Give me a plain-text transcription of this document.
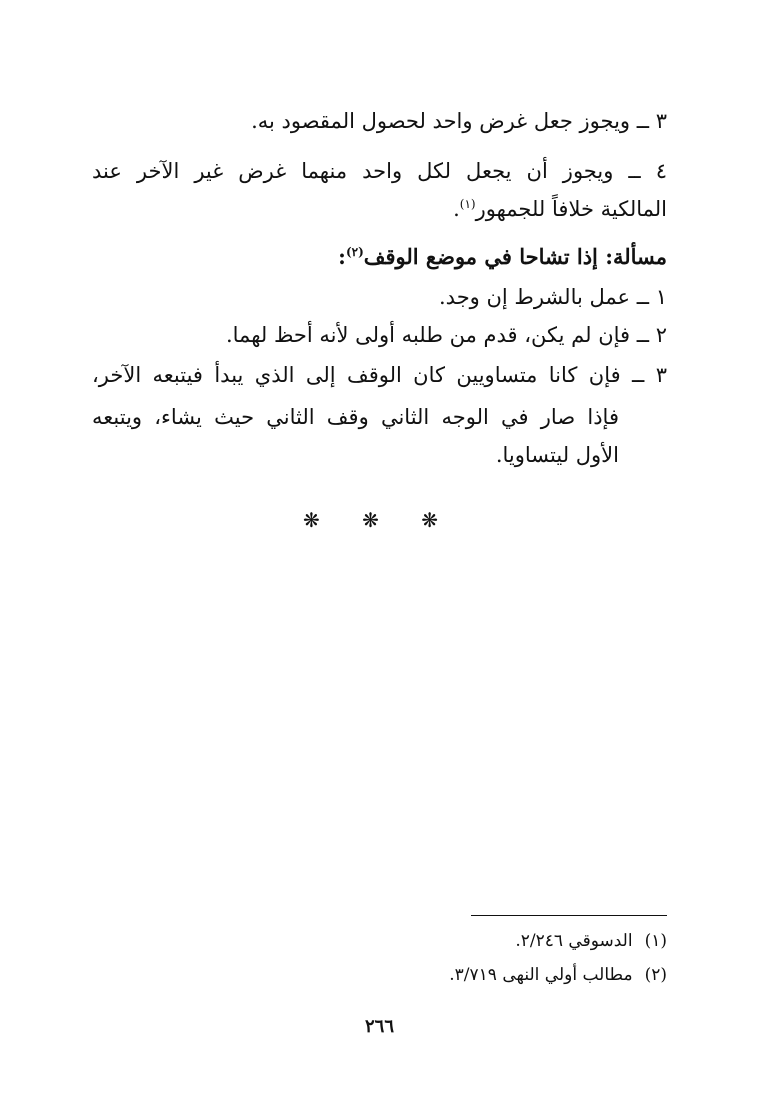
٣ ــ ويجوز جعل غرض واحد لحصول المقصود به.
٤ ــ ويجوز أن يجعل لكل واحد منهما غرض غير الآخر عند
المالكية خلافاً للجمهور$^{(١)}$.
مسألة: إذا تشاحا في موضع الوقف$^{(٢)}$:
١ ــ عمل بالشرط إن وجد.
٢ ــ فإن لم يكن، قدم من طلبه أولى لأنه أحظ لهما.
٣ ــ فإن كانا متساويين كان الوقف إلى الذي يبدأ فيتبعه الآخر،
فإذا صار في الوجه الثاني وقف الثاني حيث يشاء، ويتبعه
الأول ليتساويا.
❋ ❋ ❋
(١)الدسوقي ٢/٢٤٦.
(٢)مطالب أولي النهى ٣/٧١٩.
٢٦٦
